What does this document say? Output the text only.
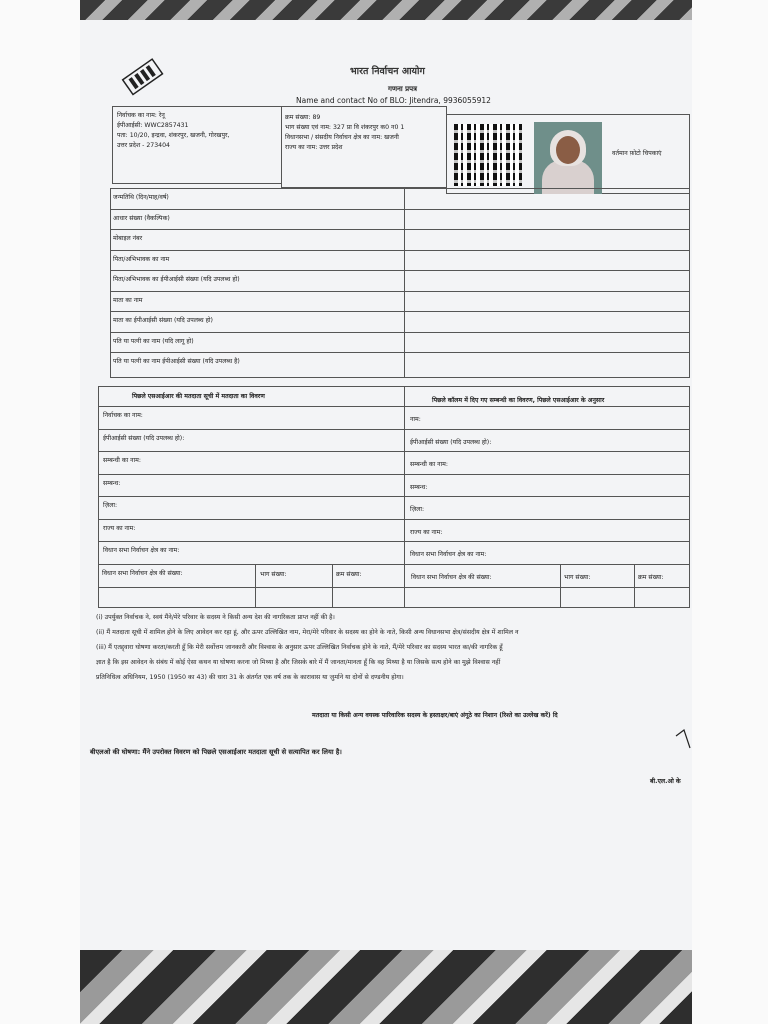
भारत निर्वाचन आयोग
गणना प्रपत्र
Name and contact No of BLO: Jitendra, 9936055912
निर्वाचक का नाम: रेनू
ईपीआईसी: WWC2857431
पता: 10/20, इन्द्रवा, शंकरपुर, खजनी, गोरखपुर,
उत्तर प्रदेश - 273404
क्रम संख्या: 89
भाग संख्या एवं नाम: 327 प्रा वि शंकरपुर क0 न0 1
विधानसभा / संसदीय निर्वाचन क्षेत्र का नाम: खजनी
राज्य का नाम: उत्तर प्रदेश
वर्तमान फ़ोटो चिपकाएं
जन्मतिथि (दिन/माह/वर्ष)
आधार संख्या (वैकल्पिक)
मोबाइल नंबर
पिता/अभिभावक का नाम
पिता/अभिभावक का ईपीआईसी संख्या (यदि उपलब्ध हो)
माता का नाम
माता का ईपीआईसी संख्या (यदि उपलब्ध हो)
पति या पत्नी का नाम (यदि लागू हो)
पति या पत्नी का नाम ईपीआईसी संख्या (यदि उपलब्ध है)
पिछले एसआईआर की मतदाता सूची में मतदाता का विवरण
पिछले कॉलम में दिए गए सम्बन्धी का विवरण, पिछले एसआईआर के अनुसार
निर्वाचक का नाम:
नाम:
ईपीआईसी संख्या (यदि उपलब्ध हो):
ईपीआईसी संख्या (यदि उपलब्ध हो):
सम्बन्धी का नाम:
सम्बन्धी का नाम:
सम्बन्ध:
सम्बन्ध:
ज़िला:
ज़िला:
राज्य का नाम:
राज्य का नाम:
विधान सभा निर्वाचन क्षेत्र का नाम:
विधान सभा निर्वाचन क्षेत्र का नाम:
विधान सभा निर्वाचन क्षेत्र की संख्या:	भाग संख्या:	क्रम संख्या:	विधान सभा निर्वाचन क्षेत्र की संख्या:	भाग संख्या:	क्रम संख्या:
(i) उपर्युक्त निर्वाचक ने, स्वयं मैंने/मेरे परिवार के सदस्य ने किसी अन्य देश की नागरिकता प्राप्त नहीं की है।
(ii) मैं मतदाता सूची में शामिल होने के लिए आवेदन कर रहा हूं, और ऊपर उल्लिखित नाम, मेरा/मेरे परिवार के सदस्य का होने के नाते, किसी अन्य विधानसभा क्षेत्र/संसदीय क्षेत्र में शामिल न
(iii) मैं एतद्द्वारा घोषणा करता/करती हूँ कि मेरी सर्वोत्तम जानकारी और विश्वास के अनुसार ऊपर उल्लिखित निर्वाचक होने के नाते, मैं/मेरे परिवार का सदस्य भारत का/की नागरिक हूँ
ज्ञात है कि इस आवेदन के संबंध में कोई ऐसा कथन या घोषणा करना जो मिथ्या है और जिसके बारे में मैं जानता/मानता हूँ कि वह मिथ्या है या जिसके सत्य होने का मुझे विश्वास नहीं
प्रतिनिधित्व अधिनियम, 1950 (1950 का 43) की धारा 31 के अंतर्गत एक वर्ष तक के कारावास या जुर्माने या दोनों से दण्डनीय होगा।
मतदाता या किसी अन्य वयस्क पारिवारिक सदस्य के हस्ताक्षर/बाएं अंगूठे का निशान (रिश्ते का उल्लेख करें) दि
बीएलओ की घोषणा: मैंने उपरोक्त विवरण को पिछले एसआईआर मतदाता सूची से सत्यापित कर लिया है।
बी.एल.ओ के
